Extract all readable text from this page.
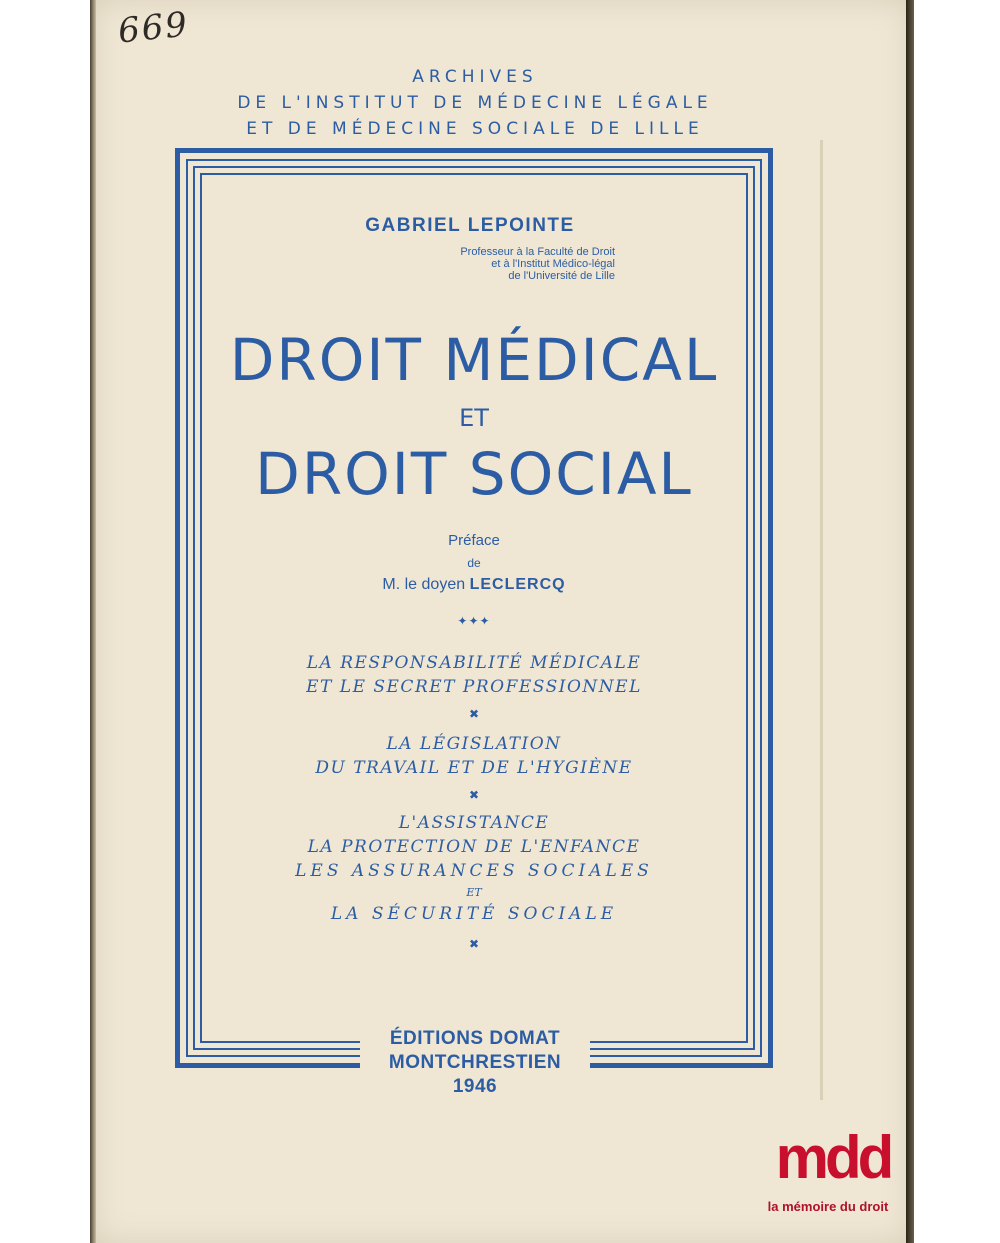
669
ARCHIVES
DE L'INSTITUT DE MÉDECINE LÉGALE
ET DE MÉDECINE SOCIALE DE LILLE
GABRIEL LEPOINTE
Professeur à la Faculté de Droit
et à l'Institut Médico-légal
de l'Université de Lille
DROIT MÉDICAL
ET
DROIT SOCIAL
Préface
de
M. le doyen LECLERCQ
✦✦✦
LA RESPONSABILITÉ MÉDICALE
ET LE SECRET PROFESSIONNEL
✖
LA LÉGISLATION
DU TRAVAIL ET DE L'HYGIÈNE
✖
L'ASSISTANCE
LA PROTECTION DE L'ENFANCE
LES ASSURANCES SOCIALES
ET
LA SÉCURITÉ SOCIALE
✖
ÉDITIONS DOMAT
MONTCHRESTIEN
1946
mdd
la mémoire du droit
